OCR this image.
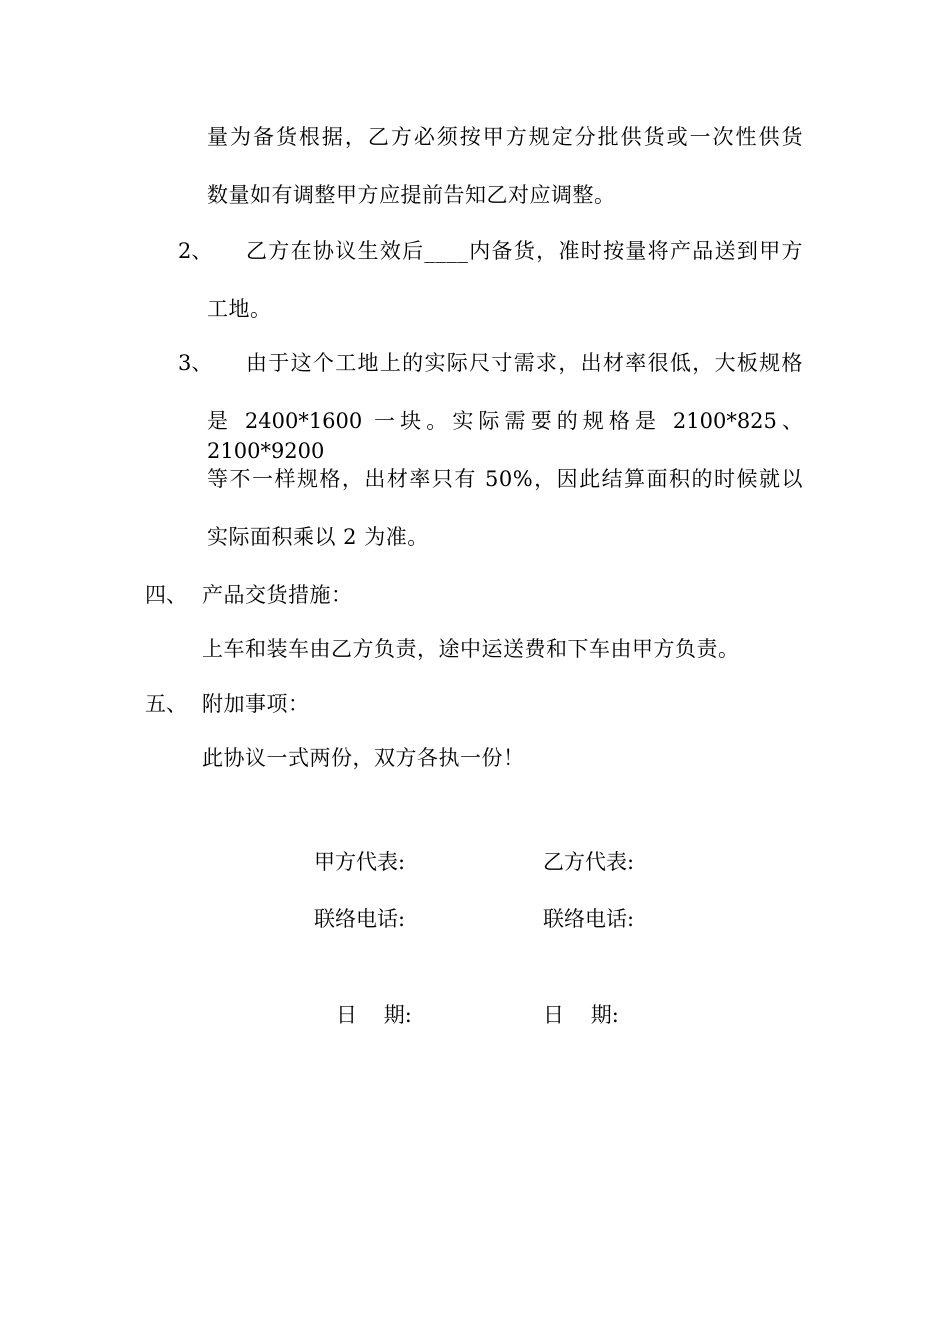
量为备货根据，乙方必须按甲方规定分批供货或一次性供货
数量如有调整甲方应提前告知乙对应调整。
2、 乙方在协议生效后____内备货，准时按量将产品送到甲方
工地。
3、 由于这个工地上的实际尺寸需求，出材率很低，大板规格
是 2400*1600 一块。实际需要的规格是 2100*825、2100*9200
等不一样规格，出材率只有 50%，因此结算面积的时候就以
实际面积乘以 2 为准。
四、 产品交货措施：
上车和装车由乙方负责，途中运送费和下车由甲方负责。
五、 附加事项：
此协议一式两份，双方各执一份！
甲方代表:	乙方代表:
联络电话:	联络电话:
日    期:	日    期:
